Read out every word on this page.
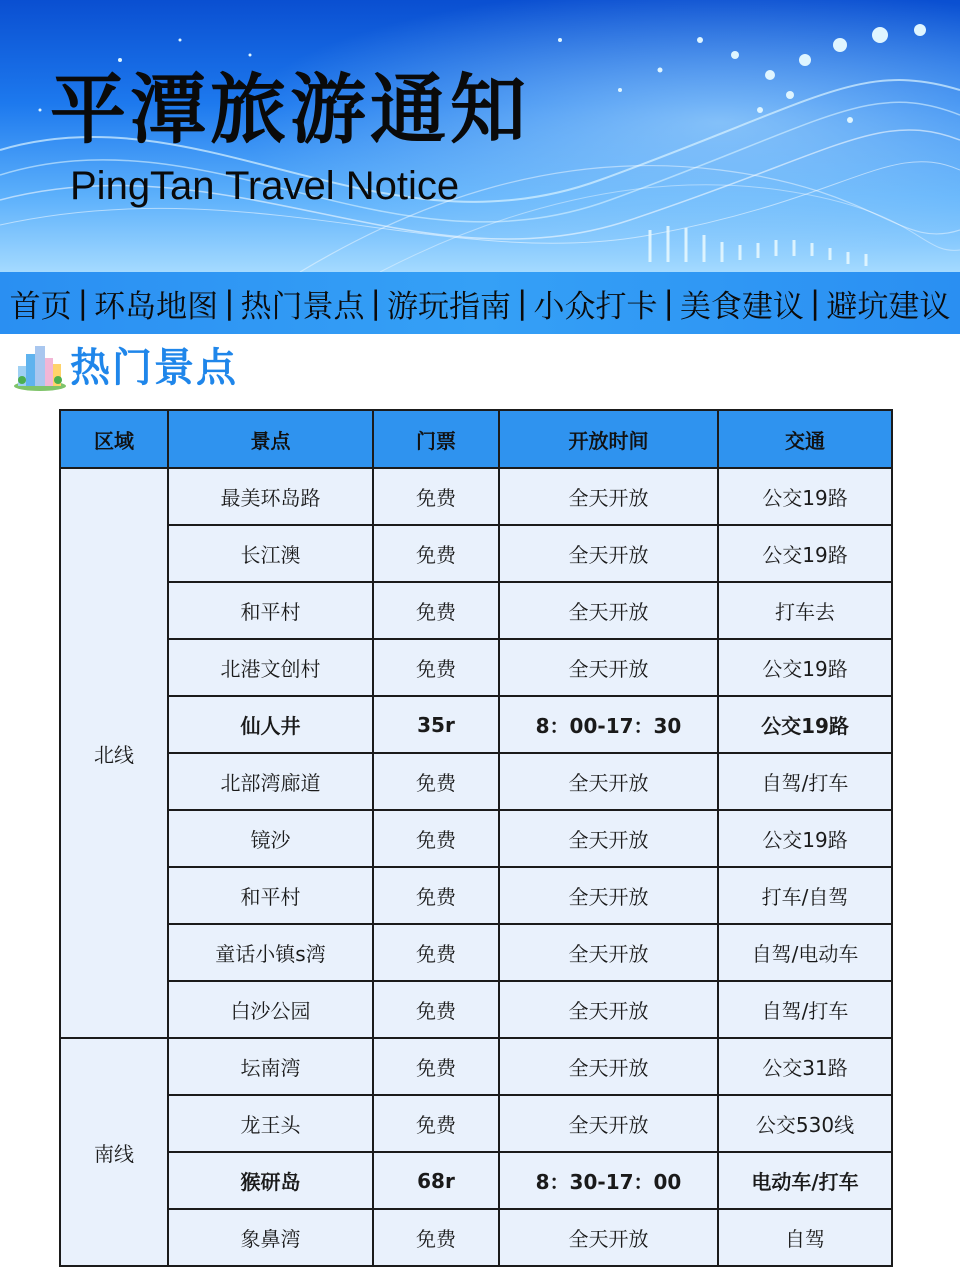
平潭旅游通知
PingTan Travel Notice
首页 | 环岛地图 | 热门景点 | 游玩指南 | 小众打卡 | 美食建议 | 避坑建议
热门景点
区域	景点	门票	开放时间	交通
北线	最美环岛路	免费	全天开放	公交19路
	长江澳	免费	全天开放	公交19路
	和平村	免费	全天开放	打车去
	北港文创村	免费	全天开放	公交19路
	仙人井	35r	8：00-17：30	公交19路
	北部湾廊道	免费	全天开放	自驾/打车
	镜沙	免费	全天开放	公交19路
	和平村	免费	全天开放	打车/自驾
	童话小镇s湾	免费	全天开放	自驾/电动车
	白沙公园	免费	全天开放	自驾/打车
南线	坛南湾	免费	全天开放	公交31路
	龙王头	免费	全天开放	公交530线
	猴研岛	68r	8：30-17：00	电动车/打车
	象鼻湾	免费	全天开放	自驾
